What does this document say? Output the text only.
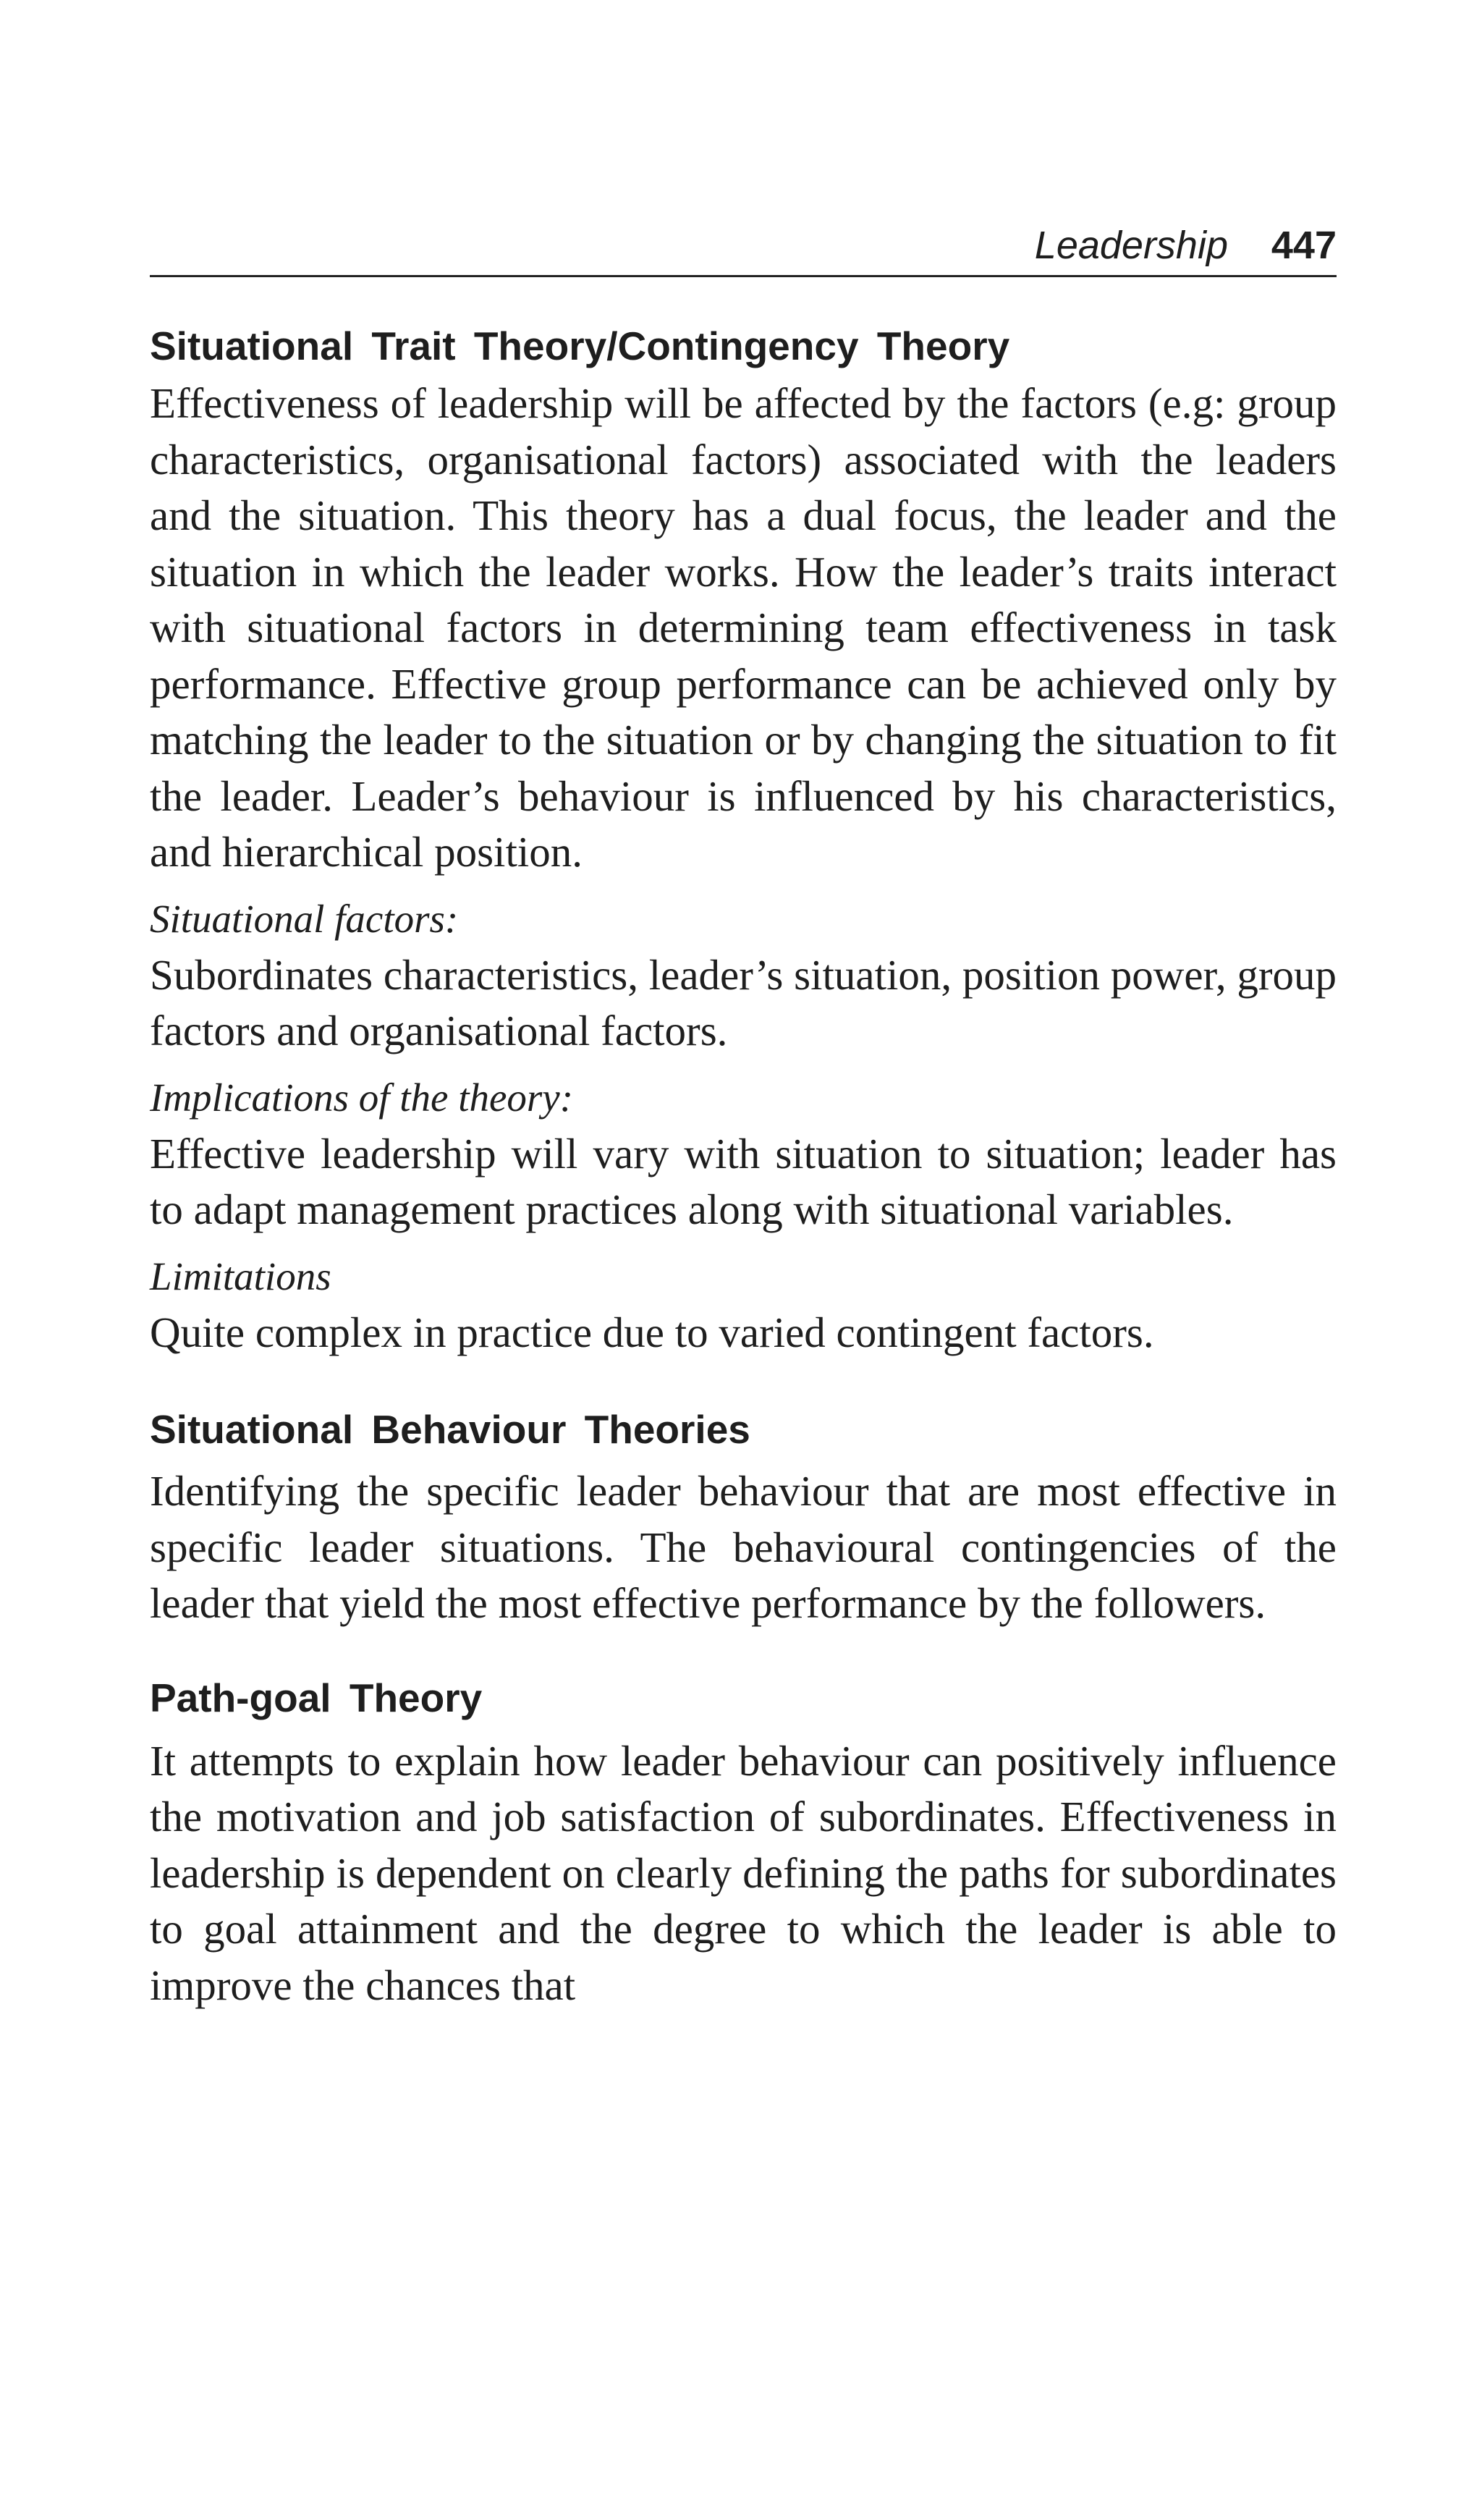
Leadership 447
Situational Trait Theory/Contingency Theory

Effectiveness of leadership will be affected by the factors (e.g: group characteristics, organisational factors) associated with the leaders and the situation. This theory has a dual focus, the leader and the situation in which the leader works. How the leader’s traits interact with situational factors in determining team effectiveness in task performance. Effective group performance can be achieved only by matching the leader to the situation or by changing the situation to fit the leader. Leader’s behaviour is influenced by his characteristics, and hierarchical position.

Situational factors:

Subordinates characteristics, leader’s situation, position power, group factors and organisational factors.

Implications of the theory:

Effective leadership will vary with situation to situation; leader has to adapt management practices along with situational variables.

Limitations

Quite complex in practice due to varied contingent factors.

Situational Behaviour Theories

Identifying the specific leader behaviour that are most effective in specific leader situations. The behavioural contingencies of the leader that yield the most effective performance by the followers.

Path-goal Theory

It attempts to explain how leader behaviour can positively influence the motivation and job satisfaction of subordinates. Effectiveness in leadership is dependent on clearly defining the paths for subordinates to goal attainment and the degree to which the leader is able to improve the chances that
